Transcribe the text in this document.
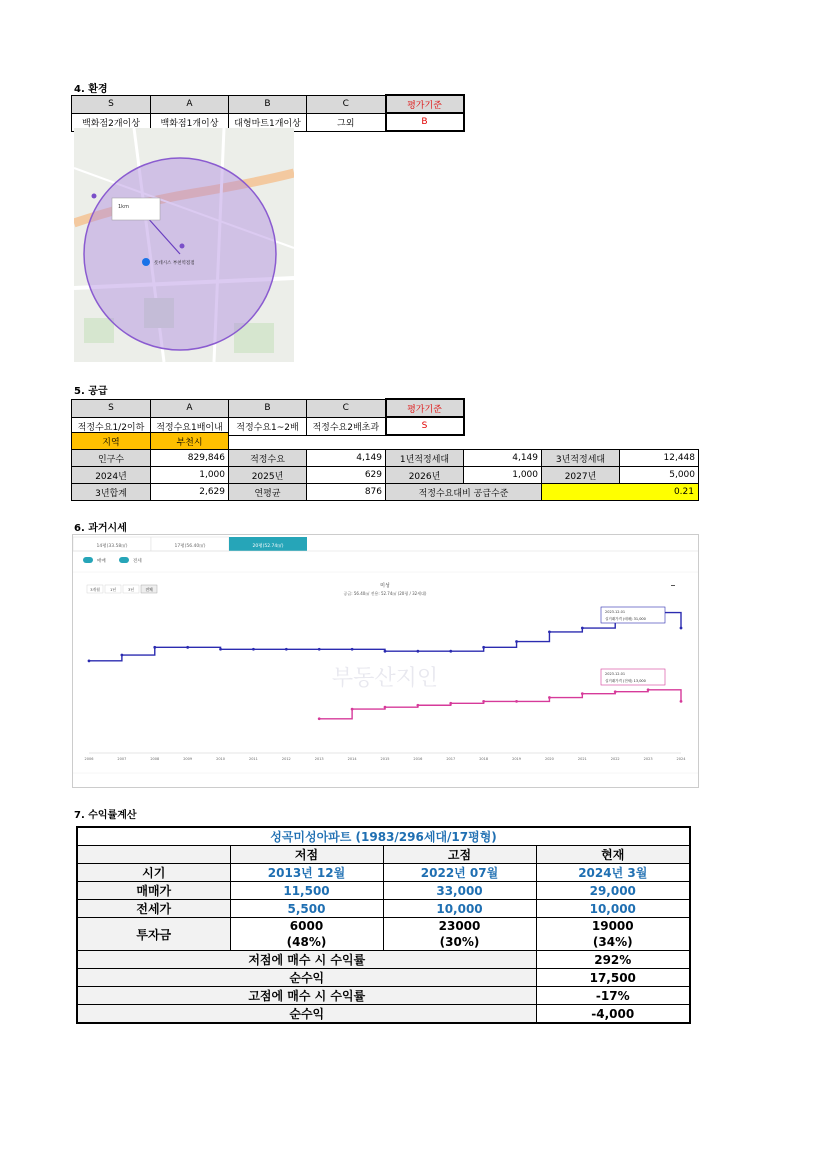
4. 환경
S	A	B	C	평가기준
백화점2개이상	백화점1개이상	대형마트1개이상	그외	B
1km
롯데시스 부천역점점
5. 공급
S	A	B	C	평가기준
적정수요1/2이하	적정수요1배이내	적정수요1~2배	적정수요2배초과	S
지역	부천시						
인구수	829,846	적정수요	4,149	1년적정세대	4,149	3년적정세대	12,448
2024년	1,000	2025년	629	2026년	1,000	2027년	5,000
3년합계	2,629	연평균	876	적정수요대비 공급수준		0.21	
6. 과거시세
14평(33.58㎡)	17평(56.40㎡)	20평(52.74㎡)
매매	전세
3개월	1년	3년	전체
미성
공급: 56.40㎡ 전용: 52.74㎡ (20평 / 32세대)
부동산지인
2006	2007	2008	2009	2010	2011	2012	2013	2014	2015	2016	2017	2018	2019	2020	2021	2022	2023	2024
2023.12.01
실거래가격 (매매) 31,000
2023.12.01
실거래가격 (전세) 13,000
7. 수익률계산
성곡미성아파트 (1983/296세대/17평형)			
	저점	고점	현재
시기	2013년 12월	2022년 07월	2024년 3월
매매가	11,500	33,000	29,000
전세가	5,500	10,000	10,000
투자금	6000	23000	19000
	(48%)	(30%)	(34%)
저점에 매수 시 수익률			292%
순수익			17,500
고점에 매수 시 수익률			-17%
순수익			-4,000
